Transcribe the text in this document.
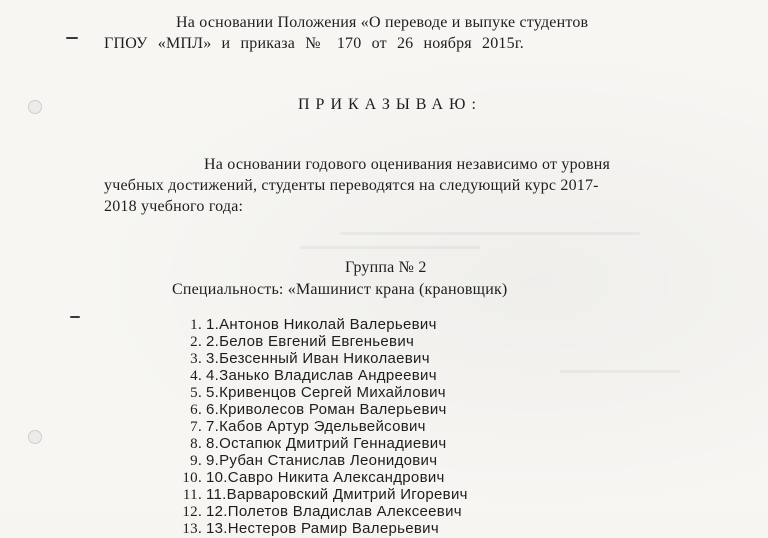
На основании Положения «О переводе и выпуке студентов
ГПОУ «МПЛ» и приказа № 170 от 26 ноября 2015г.
ПРИКАЗЫВАЮ:
На основании годового оценивания независимо от уровня
учебных достижений, студенты переводятся на следующий курс 2017-
2018 учебного года:
Группа № 2
Специальность: «Машинист крана (крановщик)
1. 1.Антонов Николай Валерьевич
2. 2.Белов Евгений Евгеньевич
3. 3.Безсенный Иван Николаевич
4. 4.Занько Владислав Андреевич
5. 5.Кривенцов Сергей Михайлович
6. 6.Криволесов Роман Валерьевич
7. 7.Кабов Артур Эдельвейсович
8. 8.Остапюк Дмитрий Геннадиевич
9. 9.Рубан Станислав Леонидович
10. 10.Савро Никита Александрович
11. 11.Варваровский Дмитрий Игоревич
12. 12.Полетов Владислав Алексеевич
13. 13.Нестеров Рамир Валерьевич
